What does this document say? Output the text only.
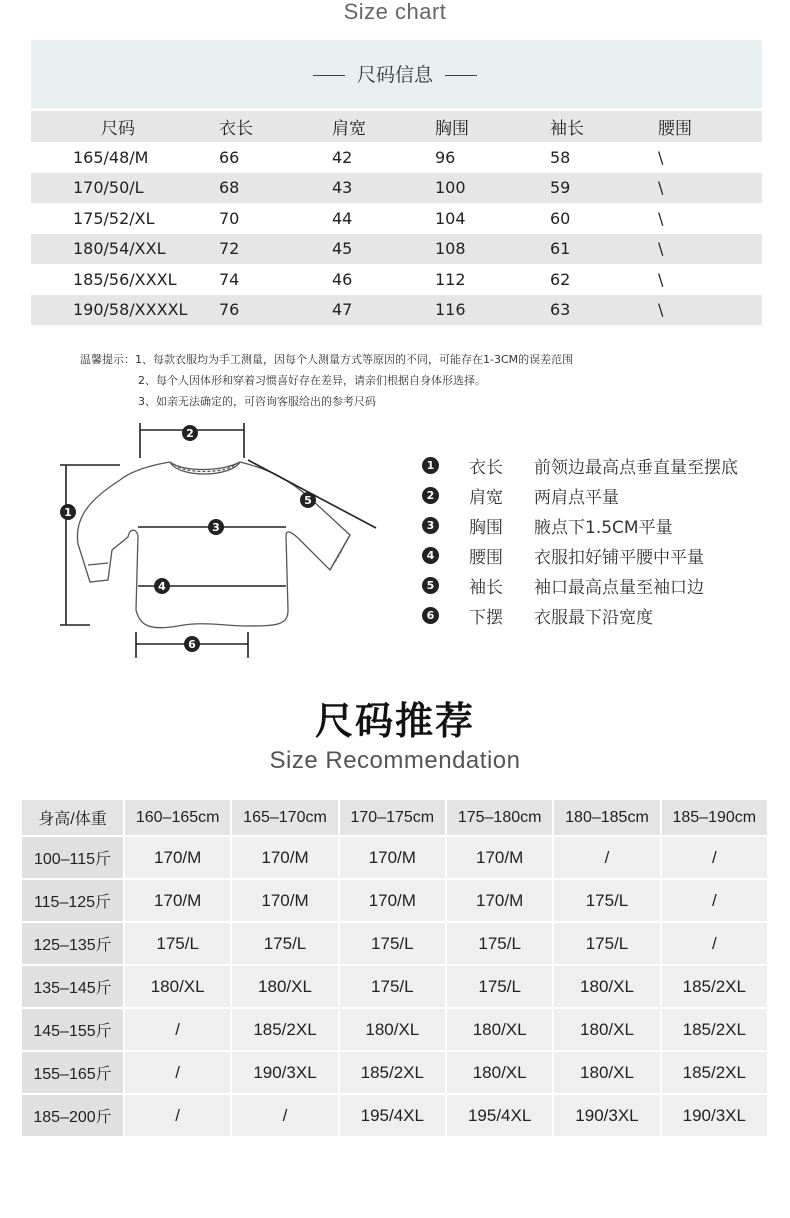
Size chart
尺码信息
尺码	衣长	肩宽	胸围	袖长	腰围
165/48/M	66	42	96	58	\
170/50/L	68	43	100	59	\
175/52/XL	70	44	104	60	\
180/54/XXL	72	45	108	61	\
185/56/XXXL	74	46	112	62	\
190/58/XXXXL	76	47	116	63	\
温馨提示：1、每款衣服均为手工测量，因每个人测量方式等原因的不同，可能存在1-3CM的误差范围
2、每个人因体形和穿着习惯喜好存在差异，请亲们根据自身体形选择。
3、如亲无法确定的，可咨询客服给出的参考尺码
2
1
3
4
5
6
1 衣长	前领边最高点垂直量至摆底
2 肩宽	两肩点平量
3 胸围	腋点下1.5CM平量
4 腰围	衣服扣好铺平腰中平量
5 袖长	袖口最高点量至袖口边
6 下摆	衣服最下沿宽度
尺码推荐
Size Recommendation
身高/体重	160–165cm	165–170cm	170–175cm	175–180cm	180–185cm	185–190cm
100–115斤	170/M	170/M	170/M	170/M	/	/
115–125斤	170/M	170/M	170/M	170/M	175/L	/
125–135斤	175/L	175/L	175/L	175/L	175/L	/
135–145斤	180/XL	180/XL	175/L	175/L	180/XL	185/2XL
145–155斤	/	185/2XL	180/XL	180/XL	180/XL	185/2XL
155–165斤	/	190/3XL	185/2XL	180/XL	180/XL	185/2XL
185–200斤	/	/	195/4XL	195/4XL	190/3XL	190/3XL
